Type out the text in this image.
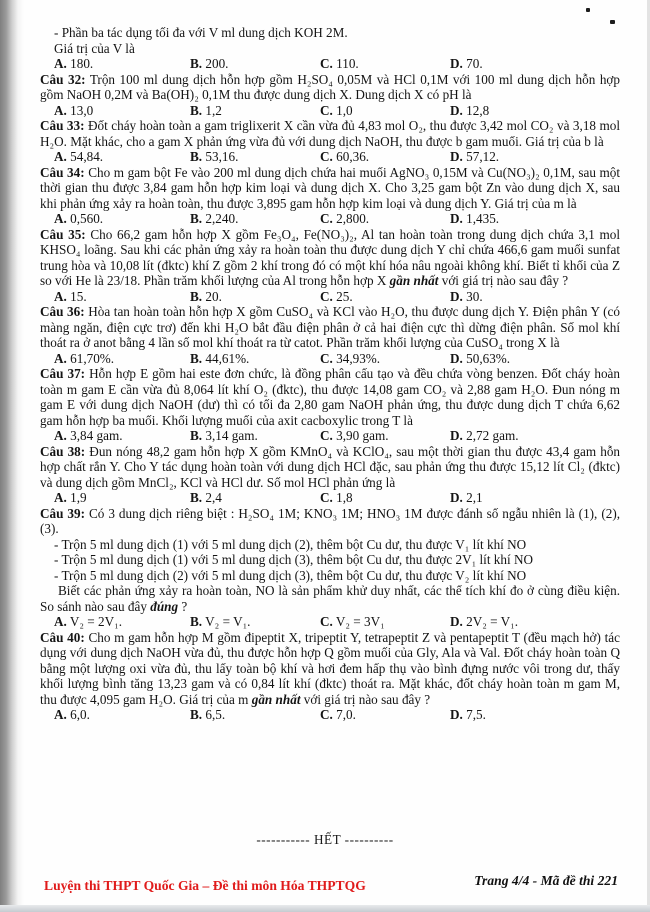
- Phần ba tác dụng tối đa với V ml dung dịch KOH 2M.

Giá trị của V là

A. 180.	B. 200.	C. 110.	D. 70.

Câu 32: Trộn 100 ml dung dịch hỗn hợp gồm H₂SO₄ 0,05M và HCl 0,1M với 100 ml dung dịch hỗn hợp gồm NaOH 0,2M và Ba(OH)₂ 0,1M thu được dung dịch X. Dung dịch X có pH là

A. 13,0	B. 1,2	C. 1,0	D. 12,8

Câu 33: Đốt cháy hoàn toàn a gam triglixerit X cần vừa đủ 4,83 mol O₂, thu được 3,42 mol CO₂ và 3,18 mol H₂O. Mặt khác, cho a gam X phản ứng vừa đủ với dung dịch NaOH, thu được b gam muối. Giá trị của b là

A. 54,84.	B. 53,16.	C. 60,36.	D. 57,12.

Câu 34: Cho m gam bột Fe vào 200 ml dung dịch chứa hai muối AgNO₃ 0,15M và Cu(NO₃)₂ 0,1M, sau một thời gian thu được 3,84 gam hỗn hợp kim loại và dung dịch X. Cho 3,25 gam bột Zn vào dung dịch X, sau khi phản ứng xảy ra hoàn toàn, thu được 3,895 gam hỗn hợp kim loại và dung dịch Y. Giá trị của m là

A. 0,560.	B. 2,240.	C. 2,800.	D. 1,435.

Câu 35: Cho 66,2 gam hỗn hợp X gồm Fe₃O₄, Fe(NO₃)₂, Al tan hoàn toàn trong dung dịch chứa 3,1 mol KHSO₄ loãng. Sau khi các phản ứng xảy ra hoàn toàn thu được dung dịch Y chỉ chứa 466,6 gam muối sunfat trung hòa và 10,08 lít (đktc) khí Z gồm 2 khí trong đó có một khí hóa nâu ngoài không khí. Biết tỉ khối của Z so với He là 23/18. Phần trăm khối lượng của Al trong hỗn hợp X gần nhất với giá trị nào sau đây ?

A. 15.	B. 20.	C. 25.	D. 30.

Câu 36: Hòa tan hoàn toàn hỗn hợp X gồm CuSO₄ và KCl vào H₂O, thu được dung dịch Y. Điện phân Y (có màng ngăn, điện cực trơ) đến khi H₂O bắt đầu điện phân ở cả hai điện cực thì dừng điện phân. Số mol khí thoát ra ở anot bằng 4 lần số mol khí thoát ra từ catot. Phần trăm khối lượng của CuSO₄ trong X là

A. 61,70%.	B. 44,61%.	C. 34,93%.	D. 50,63%.

Câu 37: Hỗn hợp E gồm hai este đơn chức, là đồng phân cấu tạo và đều chứa vòng benzen. Đốt cháy hoàn toàn m gam E cần vừa đủ 8,064 lít khí O₂ (đktc), thu được 14,08 gam CO₂ và 2,88 gam H₂O. Đun nóng m gam E với dung dịch NaOH (dư) thì có tối đa 2,80 gam NaOH phản ứng, thu được dung dịch T chứa 6,62 gam hỗn hợp ba muối. Khối lượng muối của axit cacboxylic trong T là

A. 3,84 gam.	B. 3,14 gam.	C. 3,90 gam.	D. 2,72 gam.

Câu 38: Đun nóng 48,2 gam hỗn hợp X gồm KMnO₄ và KClO₄, sau một thời gian thu được 43,4 gam hỗn hợp chất rắn Y. Cho Y tác dụng hoàn toàn với dung dịch HCl đặc, sau phản ứng thu được 15,12 lít Cl₂ (đktc) và dung dịch gồm MnCl₂, KCl và HCl dư. Số mol HCl phản ứng là

A. 1,9	B. 2,4	C. 1,8	D. 2,1

Câu 39: Có 3 dung dịch riêng biệt : H₂SO₄ 1M; KNO₃ 1M; HNO₃ 1M được đánh số ngẫu nhiên là (1), (2), (3).

- Trộn 5 ml dung dịch (1) với 5 ml dung dịch (2), thêm bột Cu dư, thu được V₁ lít khí NO

- Trộn 5 ml dung dịch (1) với 5 ml dung dịch (3), thêm bột Cu dư, thu được 2V₁ lít khí NO

- Trộn 5 ml dung dịch (2) với 5 ml dung dịch (3), thêm bột Cu dư, thu được V₂ lít khí NO

Biết các phản ứng xảy ra hoàn toàn, NO là sản phẩm khử duy nhất, các thể tích khí đo ở cùng điều kiện. So sánh nào sau đây đúng ?

A. V₂ = 2V₁.	B. V₂ = V₁.	C. V₂ = 3V₁	D. 2V₂ = V₁.

Câu 40: Cho m gam hỗn hợp M gồm đipeptit X, tripeptit Y, tetrapeptit Z và pentapeptit T (đều mạch hở) tác dụng với dung dịch NaOH vừa đủ, thu được hỗn hợp Q gồm muối của Gly, Ala và Val. Đốt cháy hoàn toàn Q bằng một lượng oxi vừa đủ, thu lấy toàn bộ khí và hơi đem hấp thụ vào bình đựng nước vôi trong dư, thấy khối lượng bình tăng 13,23 gam và có 0,84 lít khí (đktc) thoát ra. Mặt khác, đốt cháy hoàn toàn m gam M, thu được 4,095 gam H₂O. Giá trị của m gần nhất với giá trị nào sau đây ?

A. 6,0.	B. 6,5.	C. 7,0.	D. 7,5.
----------- HẾT ----------
Luyện thi THPT Quốc Gia – Đề thi môn Hóa THPTQG	Trang 4/4 - Mã đề thi 221
